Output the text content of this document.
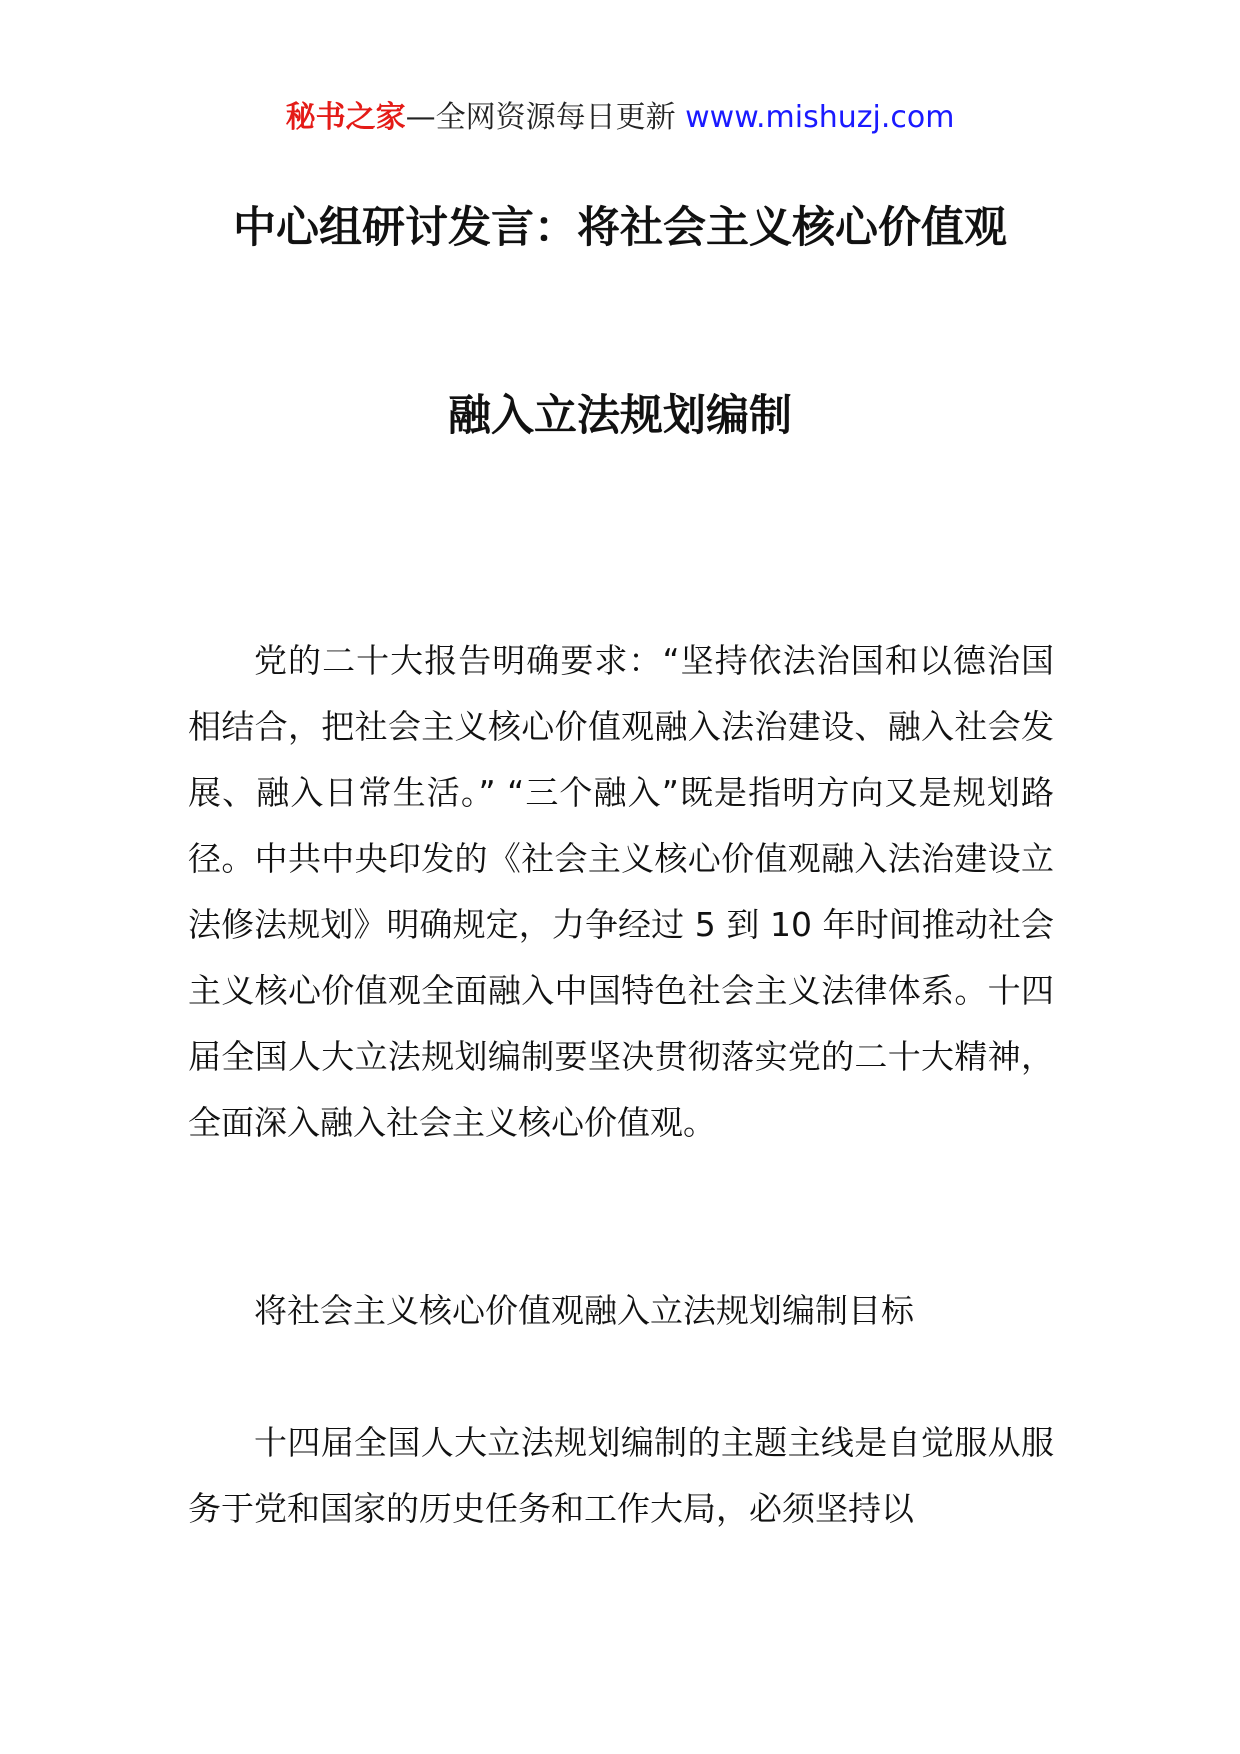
秘书之家—全网资源每日更新 www.mishuzj.com
中心组研讨发言：将社会主义核心价值观
融入立法规划编制

党的二十大报告明确要求：“坚持依法治国和以德治国相结合，把社会主义核心价值观融入法治建设、融入社会发展、融入日常生活。” “三个融入”既是指明方向又是规划路径。中共中央印发的《社会主义核心价值观融入法治建设立法修法规划》明确规定，力争经过 5 到 10 年时间推动社会主义核心价值观全面融入中国特色社会主义法律体系。十四届全国人大立法规划编制要坚决贯彻落实党的二十大精神，全面深入融入社会主义核心价值观。

将社会主义核心价值观融入立法规划编制目标

十四届全国人大立法规划编制的主题主线是自觉服从服务于党和国家的历史任务和工作大局，必须坚持以
